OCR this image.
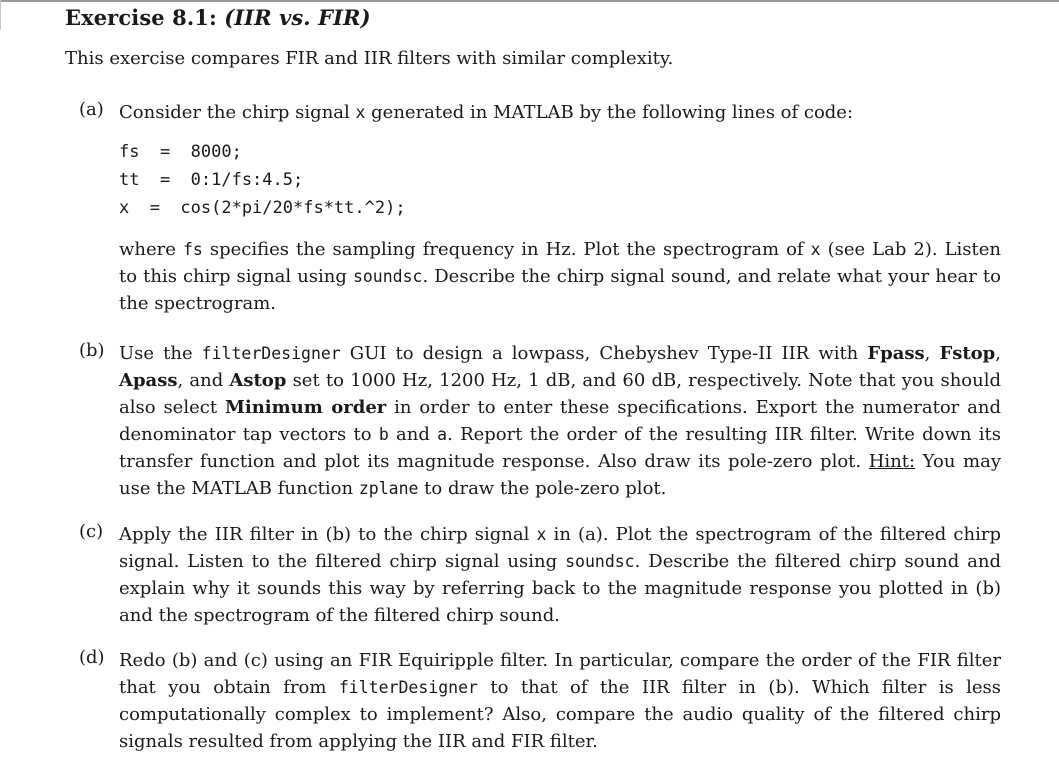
Exercise 8.1: (IIR vs. FIR)
This exercise compares FIR and IIR filters with similar complexity.
(a) Consider the chirp signal x generated in MATLAB by the following lines of code:
fs  =  8000;
tt  =  0:1/fs:4.5;
x  =  cos(2*pi/20*fs*tt.^2);
where fs specifies the sampling frequency in Hz. Plot the spectrogram of x (see Lab 2). Listen to this chirp signal using soundsc. Describe the chirp signal sound, and relate what your hear to the spectrogram.
(b) Use the filterDesigner GUI to design a lowpass, Chebyshev Type-II IIR with Fpass, Fstop, Apass, and Astop set to 1000 Hz, 1200 Hz, 1 dB, and 60 dB, respectively. Note that you should also select Minimum order in order to enter these specifications. Export the numerator and denominator tap vectors to b and a. Report the order of the resulting IIR filter. Write down its transfer function and plot its magnitude response. Also draw its pole-zero plot. Hint: You may use the MATLAB function zplane to draw the pole-zero plot.
(c) Apply the IIR filter in (b) to the chirp signal x in (a). Plot the spectrogram of the filtered chirp signal. Listen to the filtered chirp signal using soundsc. Describe the filtered chirp sound and explain why it sounds this way by referring back to the magnitude response you plotted in (b) and the spectrogram of the filtered chirp sound.
(d) Redo (b) and (c) using an FIR Equiripple filter. In particular, compare the order of the FIR filter that you obtain from filterDesigner to that of the IIR filter in (b). Which filter is less computationally complex to implement? Also, compare the audio quality of the filtered chirp signals resulted from applying the IIR and FIR filter.
